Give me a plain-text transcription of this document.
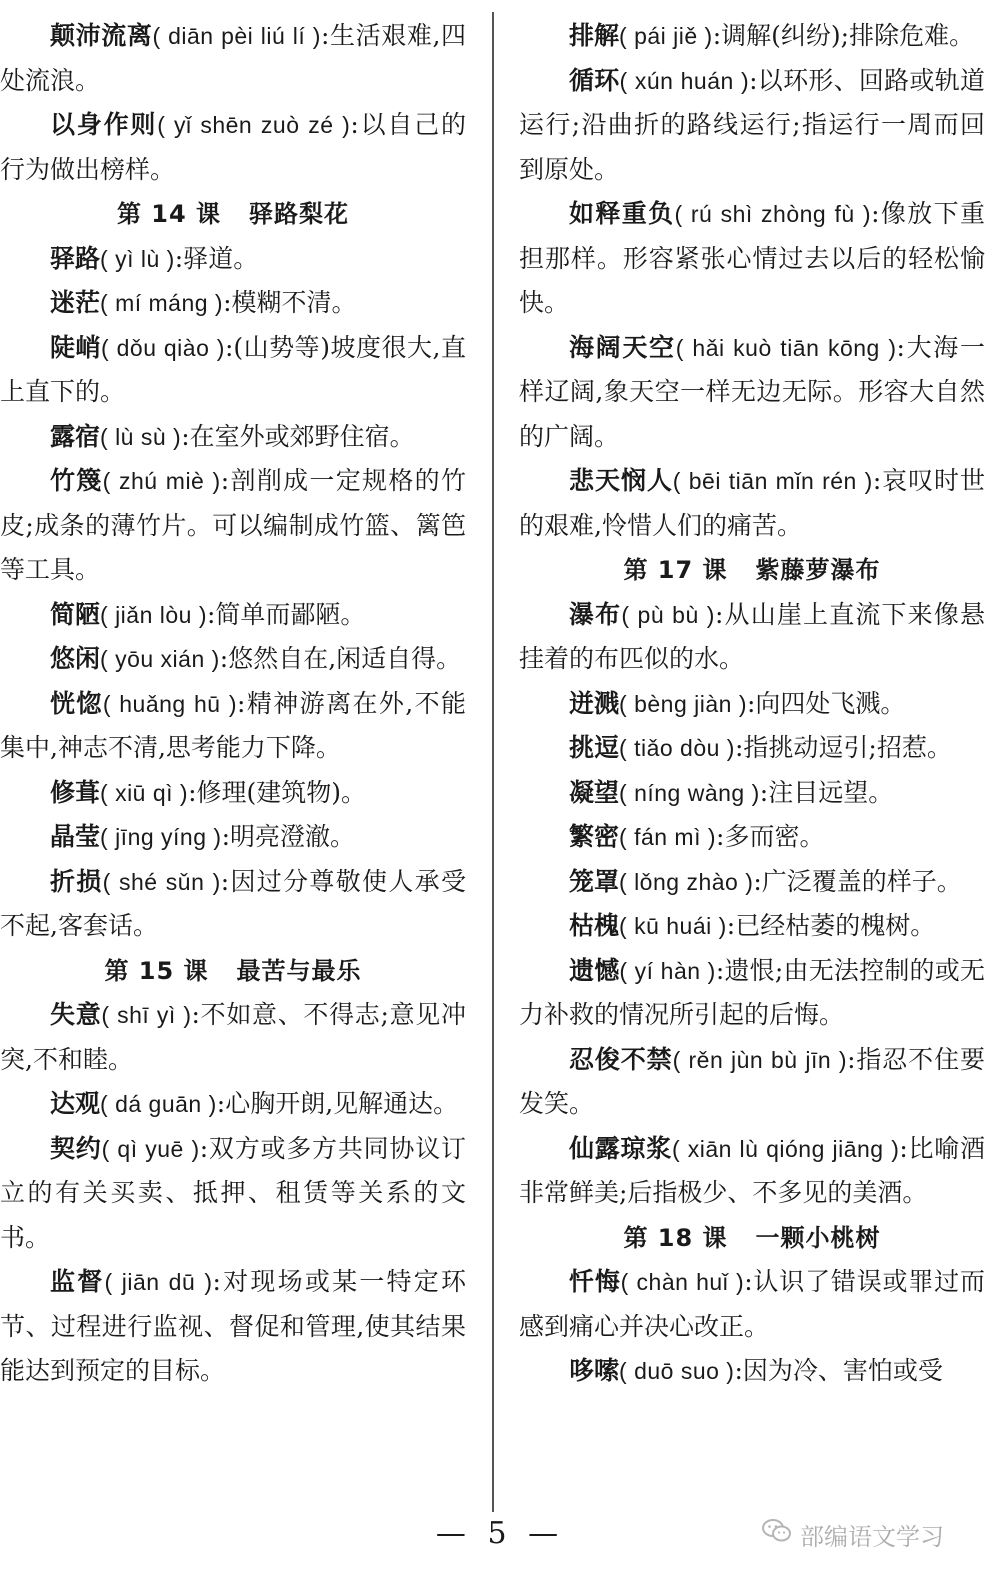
颠沛流离( diān pèi liú lí ):生活艰难,四处流浪。

以身作则( yǐ shēn zuò zé ):以自己的行为做出榜样。

第 14 课 驿路梨花

驿路( yì lù ):驿道。

迷茫( mí máng ):模糊不清。

陡峭( dǒu qiào ):(山势等)坡度很大,直上直下的。

露宿( lù sù ):在室外或郊野住宿。

竹篾( zhú miè ):剖削成一定规格的竹皮;成条的薄竹片。可以编制成竹篮、篱笆等工具。

简陋( jiǎn lòu ):简单而鄙陋。

悠闲( yōu xián ):悠然自在,闲适自得。

恍惚( huǎng hū ):精神游离在外,不能集中,神志不清,思考能力下降。

修葺( xiū qì ):修理(建筑物)。

晶莹( jīng yíng ):明亮澄澈。

折损( shé sǔn ):因过分尊敬使人承受不起,客套话。

第 15 课 最苦与最乐

失意( shī yì ):不如意、不得志;意见冲突,不和睦。

达观( dá guān ):心胸开朗,见解通达。

契约( qì yuē ):双方或多方共同协议订立的有关买卖、抵押、租赁等关系的文书。

监督( jiān dū ):对现场或某一特定环节、过程进行监视、督促和管理,使其结果能达到预定的目标。

排解( pái jiě ):调解(纠纷);排除危难。

循环( xún huán ):以环形、回路或轨道运行;沿曲折的路线运行;指运行一周而回到原处。

如释重负( rú shì zhòng fù ):像放下重担那样。形容紧张心情过去以后的轻松愉快。

海阔天空( hǎi kuò tiān kōng ):大海一样辽阔,象天空一样无边无际。形容大自然的广阔。

悲天悯人( bēi tiān mǐn rén ):哀叹时世的艰难,怜惜人们的痛苦。

第 17 课 紫藤萝瀑布

瀑布( pù bù ):从山崖上直流下来像悬挂着的布匹似的水。

迸溅( bèng jiàn ):向四处飞溅。

挑逗( tiǎo dòu ):指挑动逗引;招惹。

凝望( níng wàng ):注目远望。

繁密( fán mì ):多而密。

笼罩( lǒng zhào ):广泛覆盖的样子。

枯槐( kū huái ):已经枯萎的槐树。

遗憾( yí hàn ):遗恨;由无法控制的或无力补救的情况所引起的后悔。

忍俊不禁( rěn jùn bù jīn ):指忍不住要发笑。

仙露琼浆( xiān lù qióng jiāng ):比喻酒非常鲜美;后指极少、不多见的美酒。

第 18 课 一颗小桃树

忏悔( chàn huǐ ):认识了错误或罪过而感到痛心并决心改正。

哆嗦( duō suo ):因为冷、害怕或受

— 5 —	部编语文学习
